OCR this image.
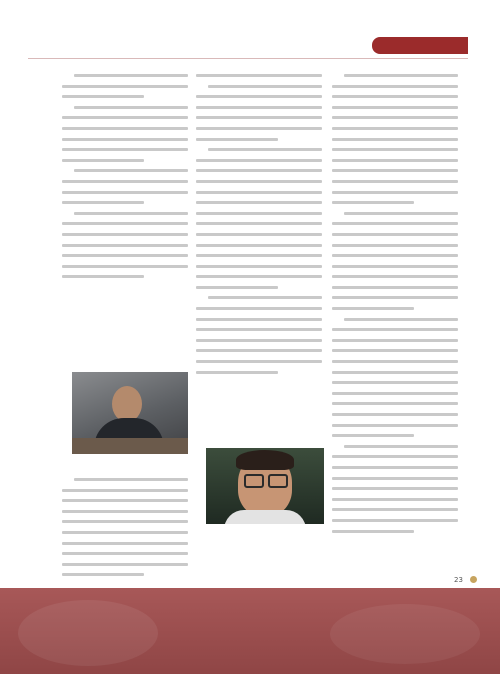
23
